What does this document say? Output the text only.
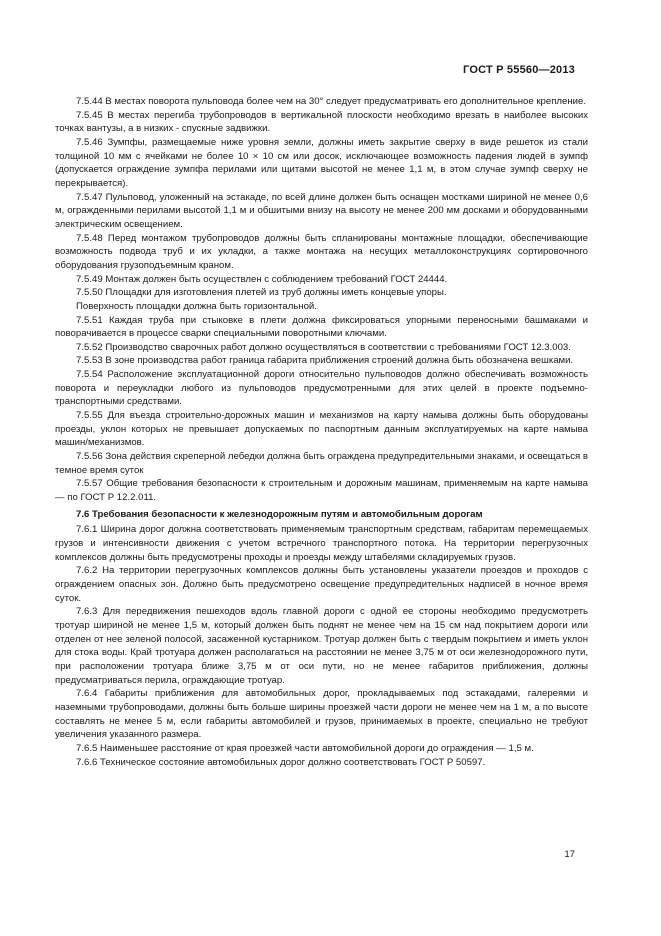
ГОСТ Р 55560—2013

7.5.44 В местах поворота пульповода более чем на 30° следует предусматривать его дополнительное крепление.

7.5.45 В местах перегиба трубопроводов в вертикальной плоскости необходимо врезать в наиболее высоких точках вантузы, а в низких - спускные задвижки.

7.5.46 Зумпфы, размещаемые ниже уровня земли, должны иметь закрытие сверху в виде решеток из стали толщиной 10 мм с ячейками не более 10 × 10 см или досок, исключающее возможность падения людей в зумпф (допускается ограждение зумпфа перилами или щитами высотой не менее 1,1 м, в этом случае зумпф сверху не перекрывается).

7.5.47 Пульповод, уложенный на эстакаде, по всей длине должен быть оснащен мостками шириной не менее 0,6 м, огражденными перилами высотой 1,1 м и обшитыми внизу на высоту не менее 200 мм досками и оборудованными электрическим освещением.

7.5.48 Перед монтажом трубопроводов должны быть спланированы монтажные площадки, обеспечивающие возможность подвода труб и их укладки, а также монтажа на несущих металлоконструкциях сортировочного оборудования грузоподъемным краном.

7.5.49 Монтаж должен быть осуществлен с соблюдением требований ГОСТ 24444.

7.5.50 Площадки для изготовления плетей из труб должны иметь концевые упоры.

Поверхность площадки должна быть горизонтальной.

7.5.51 Каждая труба при стыковке в плети должна фиксироваться упорными переносными башмаками и поворачивается в процессе сварки специальными поворотными ключами.

7.5.52 Производство сварочных работ должно осуществляться в соответствии с требованиями ГОСТ 12.3.003.

7.5.53 В зоне производства работ граница габарита приближения строений должна быть обозначена вешками.

7.5.54 Расположение эксплуатационной дороги относительно пульповодов должно обеспечивать возможность поворота и переукладки любого из пульповодов предусмотренными для этих целей в проекте подъемно-транспортными средствами.

7.5.55 Для въезда строительно-дорожных машин и механизмов на карту намыва должны быть оборудованы проезды, уклон которых не превышает допускаемых по паспортным данным эксплуатируемых на карте намыва машин/механизмов.

7.5.56 Зона действия скреперной лебедки должна быть ограждена предупредительными знаками, и освещаться в темное время суток

7.5.57 Общие требования безопасности к строительным и дорожным машинам, применяемым на карте намыва — по ГОСТ Р 12.2.011.

7.6 Требования безопасности к железнодорожным путям и автомобильным дорогам

7.6.1 Ширина дорог должна соответствовать применяемым транспортным средствам, габаритам перемещаемых грузов и интенсивности движения с учетом встречного транспортного потока. На территории перегрузочных комплексов должны быть предусмотрены проходы и проезды между штабелями складируемых грузов.

7.6.2 На территории перегрузочных комплексов должны быть установлены указатели проездов и проходов с ограждением опасных зон. Должно быть предусмотрено освещение предупредительных надписей в ночное время суток.

7.6.3 Для передвижения пешеходов вдоль главной дороги с одной ее стороны необходимо предусмотреть тротуар шириной не менее 1,5 м, который должен быть поднят не менее чем на 15 см над покрытием дороги или отделен от нее зеленой полосой, засаженной кустарником. Тротуар должен быть с твердым покрытием и иметь уклон для стока воды. Край тротуара должен располагаться на расстоянии не менее 3,75 м от оси железнодорожного пути, при расположении тротуара ближе 3,75 м от оси пути, но не менее габаритов приближения, должны предусматриваться перила, ограждающие тротуар.

7.6.4 Габариты приближения для автомобильных дорог, прокладываемых под эстакадами, галереями и наземными трубопроводами, должны быть больше ширины проезжей части дороги не менее чем на 1 м, а по высоте составлять не менее 5 м, если габариты автомобилей и грузов, принимаемых в проекте, специально не требуют увеличения указанного размера.

7.6.5 Наименьшее расстояние от края проезжей части автомобильной дороги до ограждения — 1,5 м.

7.6.6 Техническое состояние автомобильных дорог должно соответствовать ГОСТ Р 50597.

17
